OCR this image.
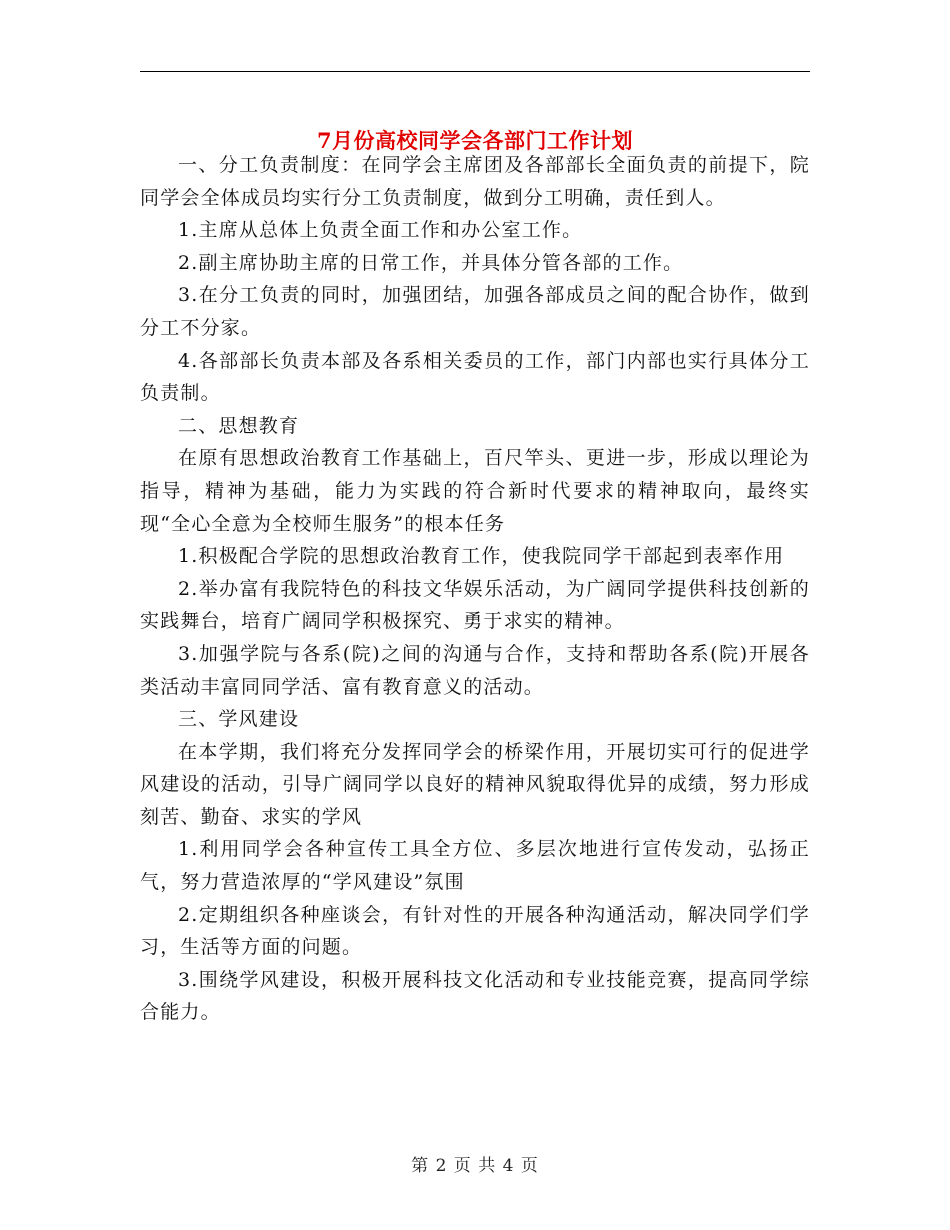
7月份高校同学会各部门工作计划

一、分工负责制度：在同学会主席团及各部部长全面负责的前提下，院同学会全体成员均实行分工负责制度，做到分工明确，责任到人。

1.主席从总体上负责全面工作和办公室工作。

2.副主席协助主席的日常工作，并具体分管各部的工作。

3.在分工负责的同时，加强团结，加强各部成员之间的配合协作，做到分工不分家。

4.各部部长负责本部及各系相关委员的工作，部门内部也实行具体分工负责制。

二、思想教育

在原有思想政治教育工作基础上，百尺竿头、更进一步，形成以理论为指导，精神为基础，能力为实践的符合新时代要求的精神取向，最终实现“全心全意为全校师生服务”的根本任务

1.积极配合学院的思想政治教育工作，使我院同学干部起到表率作用

2.举办富有我院特色的科技文华娱乐活动，为广阔同学提供科技创新的实践舞台，培育广阔同学积极探究、勇于求实的精神。

3.加强学院与各系(院)之间的沟通与合作，支持和帮助各系(院)开展各类活动丰富同同学活、富有教育意义的活动。

三、学风建设

在本学期，我们将充分发挥同学会的桥梁作用，开展切实可行的促进学风建设的活动，引导广阔同学以良好的精神风貌取得优异的成绩，努力形成刻苦、勤奋、求实的学风

1.利用同学会各种宣传工具全方位、多层次地进行宣传发动，弘扬正气，努力营造浓厚的“学风建设”氛围

2.定期组织各种座谈会，有针对性的开展各种沟通活动，解决同学们学习，生活等方面的问题。

3.围绕学风建设，积极开展科技文化活动和专业技能竞赛，提高同学综合能力。

第 2 页 共 4 页
